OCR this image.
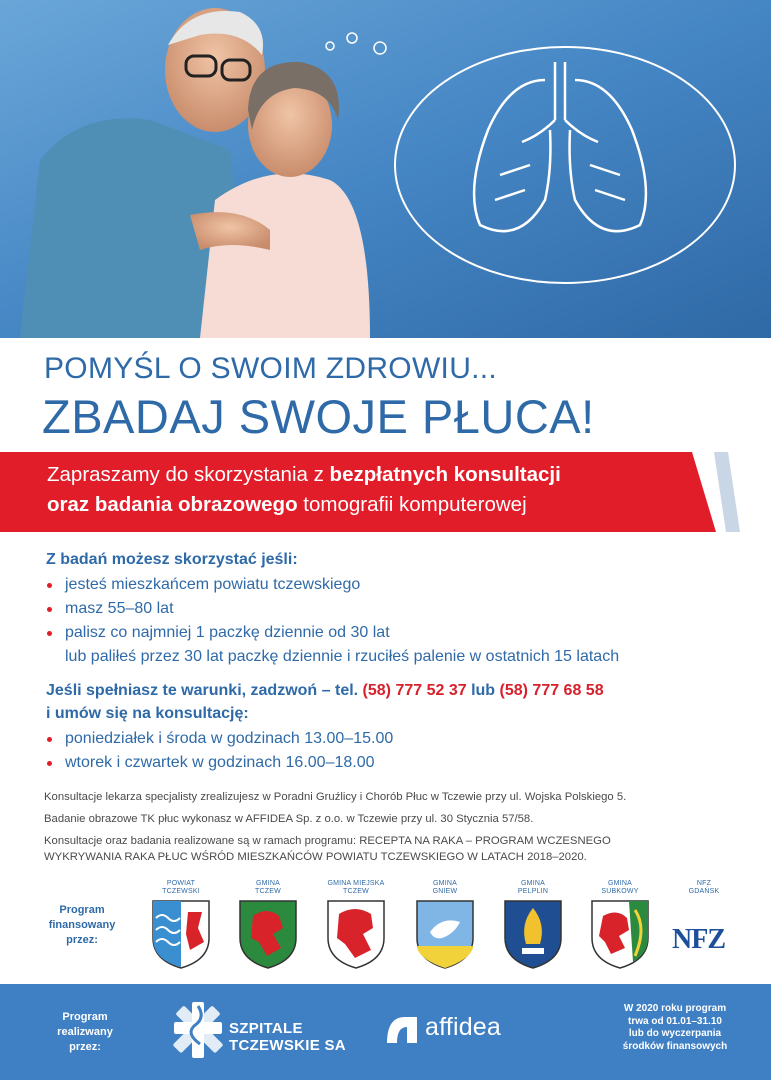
POMYŚL O SWOIM ZDROWIU...
ZBADAJ SWOJE PŁUCA!
Zapraszamy do skorzystania z bezpłatnych konsultacji
oraz badania obrazowego tomografii komputerowej

Z badań możesz skorzystać jeśli:

jesteś mieszkańcem powiatu tczewskiego
masz 55–80 lat
palisz co najmniej 1 paczkę dziennie od 30 lat
lub paliłeś przez 30 lat paczkę dziennie i rzuciłeś palenie w ostatnich 15 latach

Jeśli spełniasz te warunki, zadzwoń – tel. (58) 777 52 37 lub (58) 777 68 58

i umów się na konsultację:

poniedziałek i środa w godzinach 13.00–15.00
wtorek i czwartek w godzinach 16.00–18.00

Konsultacje lekarza specjalisty zrealizujesz w Poradni Gruźlicy i Chorób Płuc w Tczewie przy ul. Wojska Polskiego 5.

Badanie obrazowe TK płuc wykonasz w AFFIDEA Sp. z o.o. w Tczewie przy ul. 30 Stycznia 57/58.

Konsultacje oraz badania realizowane są w ramach programu: RECEPTA NA RAKA – PROGRAM WCZESNEGO

WYKRYWANIA RAKA PŁUC WŚRÓD MIESZKAŃCÓW POWIATU TCZEWSKIEGO W LATACH 2018–2020.

Program
finansowany
przez:
POWIAT
TCZEWSKI
GMINA
TCZEW
GMINA MIEJSKA
TCZEW
GMINA
GNIEW
GMINA
PELPLIN
GMINA
SUBKOWY
NFZ
GDAŃSK
NFZ
Program
realizwany
przez:
SZPITALE
TCZEWSKIE SA
affidea
W 2020 roku program
trwa od 01.01–31.10
lub do wyczerpania
środków finansowych
